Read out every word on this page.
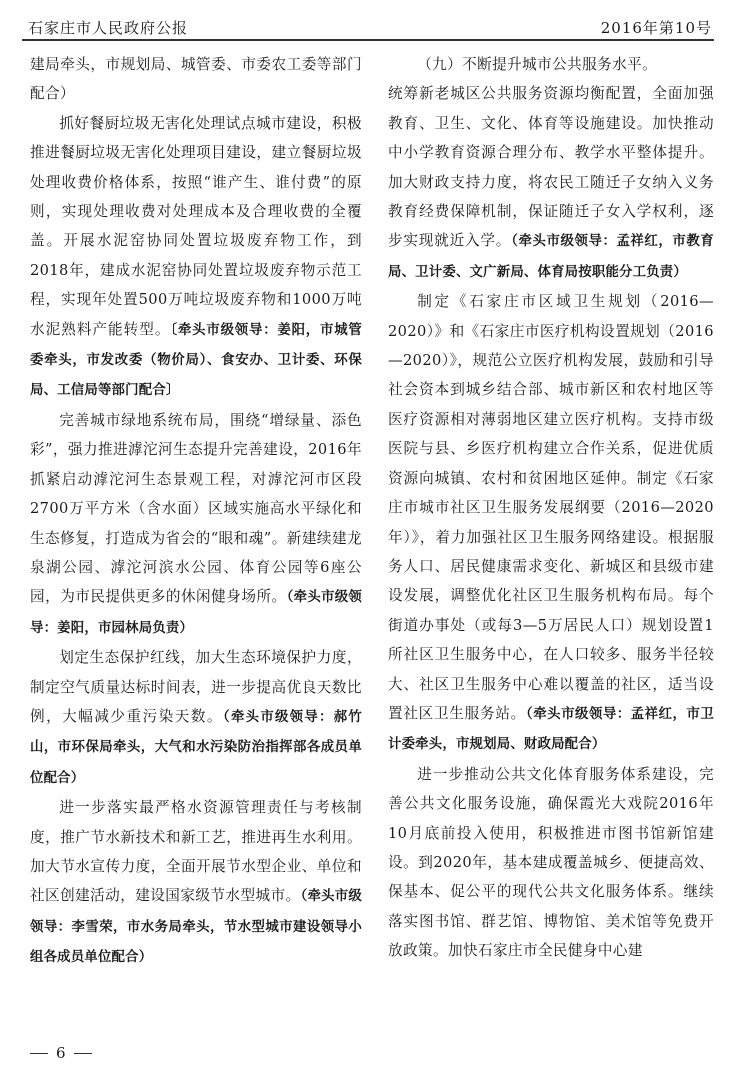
石家庄市人民政府公报	2016年第10号

建局牵头，市规划局、城管委、市委农工委等部门配合）

抓好餐厨垃圾无害化处理试点城市建设，积极推进餐厨垃圾无害化处理项目建设，建立餐厨垃圾处理收费价格体系，按照“谁产生、谁付费”的原则，实现处理收费对处理成本及合理收费的全覆盖。开展水泥窑协同处置垃圾废弃物工作，到2018年，建成水泥窑协同处置垃圾废弃物示范工程，实现年处置500万吨垃圾废弃物和1000万吨水泥熟料产能转型。〔牵头市级领导：姜阳，市城管委牵头，市发改委（物价局）、食安办、卫计委、环保局、工信局等部门配合〕

完善城市绿地系统布局，围绕“增绿量、添色彩”，强力推进滹沱河生态提升完善建设，2016年抓紧启动滹沱河生态景观工程，对滹沱河市区段2700万平方米（含水面）区域实施高水平绿化和生态修复，打造成为省会的“眼和魂”。新建续建龙泉湖公园、滹沱河滨水公园、体育公园等6座公园，为市民提供更多的休闲健身场所。（牵头市级领导：姜阳，市园林局负责）

划定生态保护红线，加大生态环境保护力度，制定空气质量达标时间表，进一步提高优良天数比例，大幅减少重污染天数。（牵头市级领导：郝竹山，市环保局牵头，大气和水污染防治指挥部各成员单位配合）

进一步落实最严格水资源管理责任与考核制度，推广节水新技术和新工艺，推进再生水利用。加大节水宣传力度，全面开展节水型企业、单位和社区创建活动，建设国家级节水型城市。（牵头市级领导：李雪荣，市水务局牵头，节水型城市建设领导小组各成员单位配合）

（九）不断提升城市公共服务水平。

统筹新老城区公共服务资源均衡配置，全面加强教育、卫生、文化、体育等设施建设。加快推动中小学教育资源合理分布、教学水平整体提升。加大财政支持力度，将农民工随迁子女纳入义务教育经费保障机制，保证随迁子女入学权利，逐步实现就近入学。（牵头市级领导：孟祥红，市教育局、卫计委、文广新局、体育局按职能分工负责）

制定《石家庄市区域卫生规划（2016—2020）》和《石家庄市医疗机构设置规划（2016—2020）》，规范公立医疗机构发展，鼓励和引导社会资本到城乡结合部、城市新区和农村地区等医疗资源相对薄弱地区建立医疗机构。支持市级医院与县、乡医疗机构建立合作关系，促进优质资源向城镇、农村和贫困地区延伸。制定《石家庄市城市社区卫生服务发展纲要（2016—2020年）》，着力加强社区卫生服务网络建设。根据服务人口、居民健康需求变化、新城区和县级市建设发展，调整优化社区卫生服务机构布局。每个街道办事处（或每3—5万居民人口）规划设置1所社区卫生服务中心，在人口较多、服务半径较大、社区卫生服务中心难以覆盖的社区，适当设置社区卫生服务站。（牵头市级领导：孟祥红，市卫计委牵头，市规划局、财政局配合）

进一步推动公共文化体育服务体系建设，完善公共文化服务设施，确保霞光大戏院2016年10月底前投入使用，积极推进市图书馆新馆建设。到2020年，基本建成覆盖城乡、便捷高效、保基本、促公平的现代公共文化服务体系。继续落实图书馆、群艺馆、博物馆、美术馆等免费开放政策。加快石家庄市全民健身中心建

6
